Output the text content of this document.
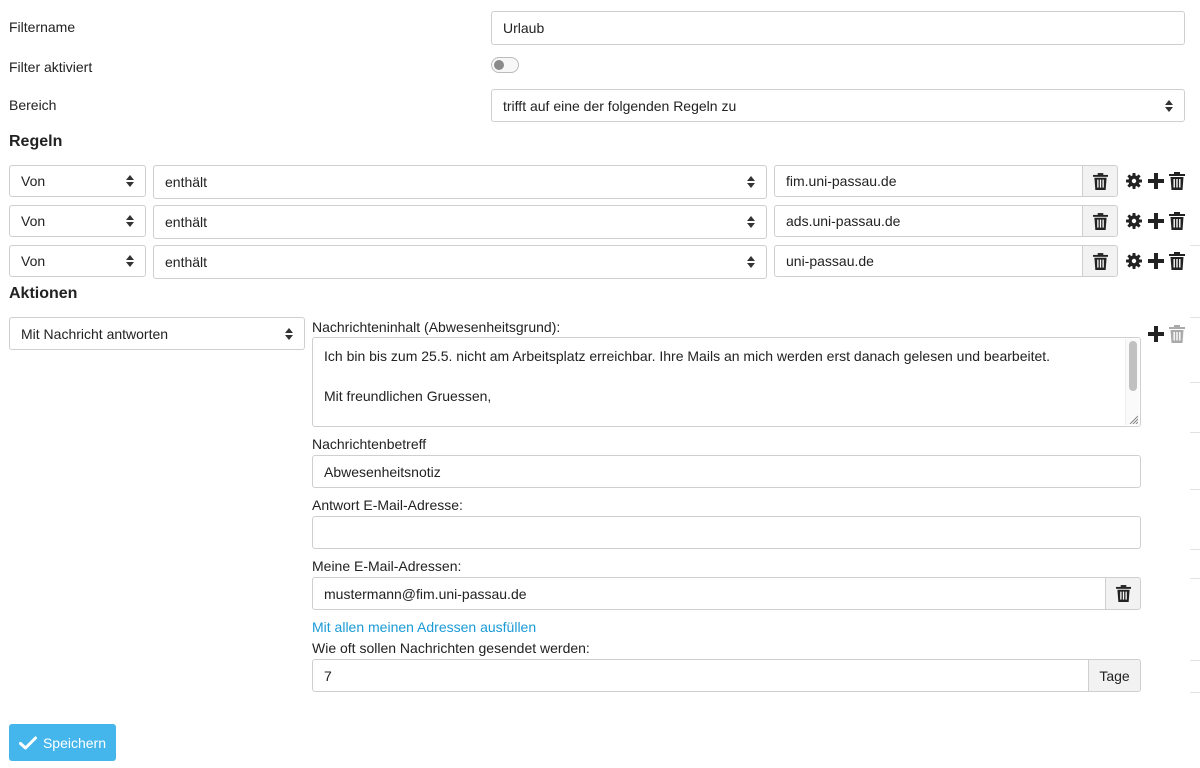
Filtername	Urlaub
Filter aktiviert
Bereich	trifft auf eine der folgenden Regeln zu
Regeln
Von	enthält	fim.uni-passau.de
Von	enthält	ads.uni-passau.de
Von	enthält	uni-passau.de
Aktionen
Mit Nachricht antworten	Nachrichteninhalt (Abwesenheitsgrund):

Ich bin bis zum 25.5. nicht am Arbeitsplatz erreichbar. Ihre Mails an mich werden erst danach gelesen und bearbeitet.

Mit freundlichen Gruessen,

Nachrichtenbetreff
Abwesenheitsnotiz
Antwort E-Mail-Adresse:
Meine E-Mail-Adressen:
mustermann@fim.uni-passau.de
Mit allen meinen Adressen ausfüllen
Wie oft sollen Nachrichten gesendet werden:
7	Tage
Speichern
